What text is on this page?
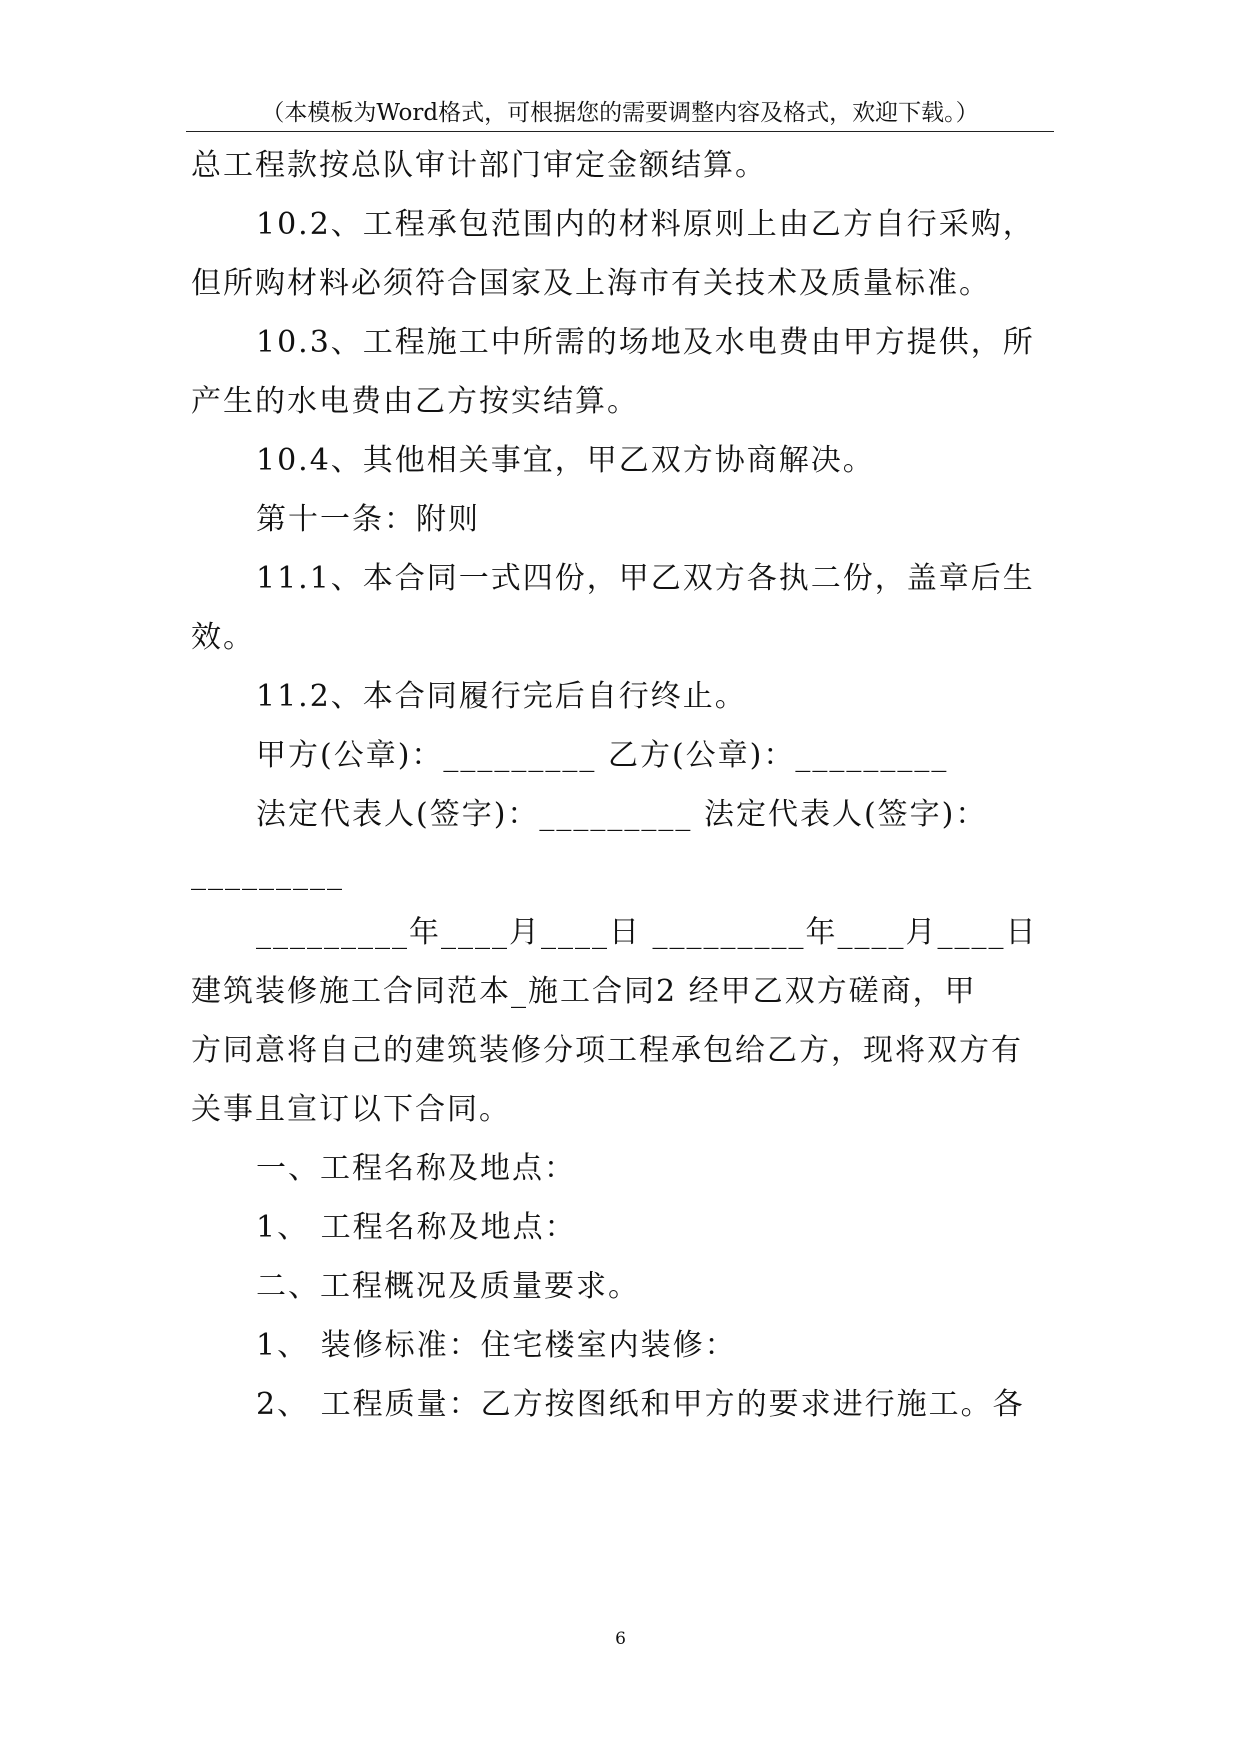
（本模板为Word格式，可根据您的需要调整内容及格式，欢迎下载。）
总工程款按总队审计部门审定金额结算。
10.2、工程承包范围内的材料原则上由乙方自行采购，
但所购材料必须符合国家及上海市有关技术及质量标准。
10.3、工程施工中所需的场地及水电费由甲方提供，所
产生的水电费由乙方按实结算。
10.4、其他相关事宜，甲乙双方协商解决。
第十一条：附则
11.1、本合同一式四份，甲乙双方各执二份，盖章后生
效。
11.2、本合同履行完后自行终止。
甲方(公章)：_________ 乙方(公章)：_________
法定代表人(签字)：_________ 法定代表人(签字)：
_________
_________年____月____日 _________年____月____日
建筑装修施工合同范本_施工合同2 经甲乙双方磋商，甲
方同意将自己的建筑装修分项工程承包给乙方，现将双方有
关事且宣订以下合同。
一、工程名称及地点：
1、 工程名称及地点：
二、工程概况及质量要求。
1、 装修标准：住宅楼室内装修：
2、 工程质量：乙方按图纸和甲方的要求进行施工。各
6
